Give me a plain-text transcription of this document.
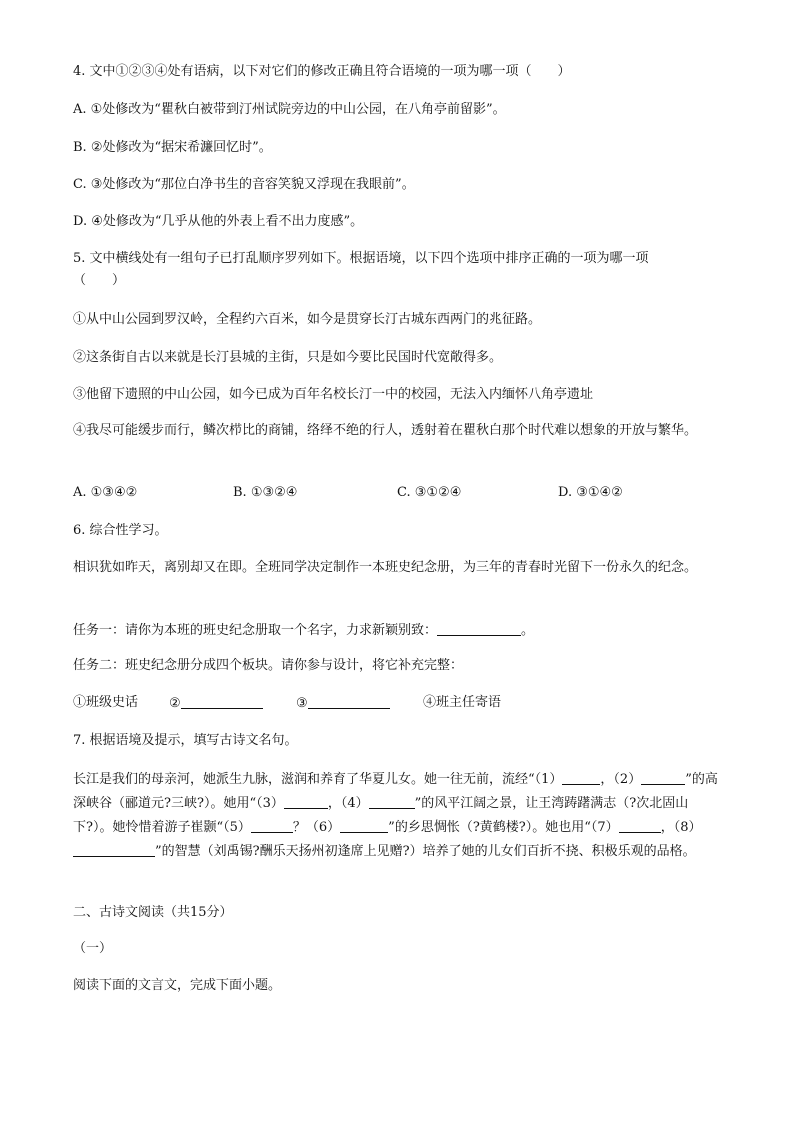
4. 文中①②③④处有语病，以下对它们的修改正确且符合语境的一项为哪一项（　　）
A. ①处修改为“瞿秋白被带到汀州试院旁边的中山公园，在八角亭前留影”。
B. ②处修改为“据宋希濂回忆时”。
C. ③处修改为“那位白净书生的音容笑貌又浮现在我眼前”。
D. ④处修改为“几乎从他的外表上看不出力度感”。
5. 文中横线处有一组句子已打乱顺序罗列如下。根据语境，以下四个选项中排序正确的一项为哪一项
（　　）
①从中山公园到罗汉岭，全程约六百米，如今是贯穿长汀古城东西两门的兆征路。
②这条街自古以来就是长汀县城的主街，只是如今要比民国时代宽敞得多。
③他留下遗照的中山公园，如今已成为百年名校长汀一中的校园，无法入内缅怀八角亭遗址
④我尽可能缓步而行，鳞次栉比的商铺，络绎不绝的行人，透射着在瞿秋白那个时代难以想象的开放与繁华。
A. ①③④②	B. ①③②④	C. ③①②④	D. ③①④②
6. 综合性学习。
相识犹如昨天，离别却又在即。全班同学决定制作一本班史纪念册，为三年的青春时光留下一份永久的纪念。
任务一：请你为本班的班史纪念册取一个名字，力求新颖别致：	。
任务二：班史纪念册分成四个板块。请你参与设计，将它补充完整：
①班级史话 ②	③	④班主任寄语
7. 根据语境及提示，填写古诗文名句。
长江是我们的母亲河，她派生九脉，滋润和养育了华夏儿女。她一往无前，流经“（1）	，（2）	”的高深峡谷（郦道元?三峡?）。她用“（3）	，（4）	”的风平江阔之景，让王湾踌躇满志（?次北固山下?）。她怜惜着游子崔颢“（5）	？（6）	”的乡思惆怅（?黄鹤楼?）。她也用“（7）	，（8）”的智慧（刘禹锡?酬乐天扬州初逢席上见赠?）培养了她的儿女们百折不挠、积极乐观的品格。
二、古诗文阅读（共15分）
（一）
阅读下面的文言文，完成下面小题。
